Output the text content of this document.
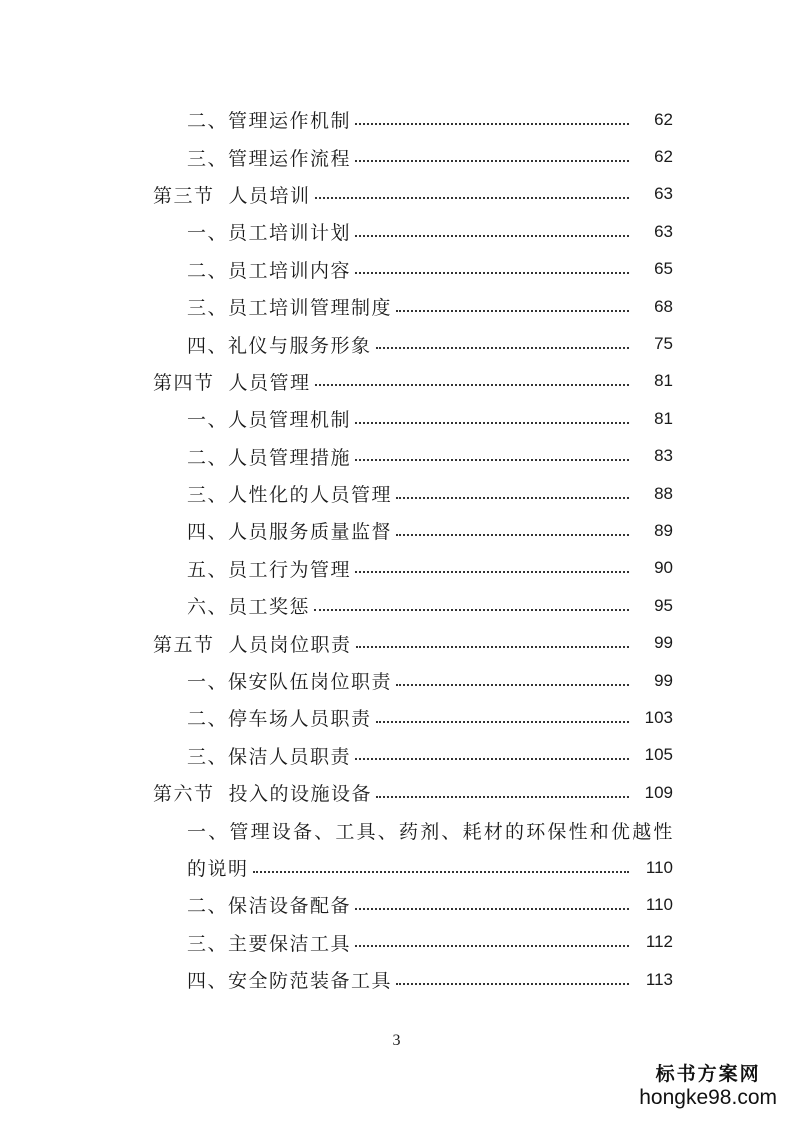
二、管理运作机制	62
三、管理运作流程	62
第三节 人员培训	63
一、员工培训计划	63
二、员工培训内容	65
三、员工培训管理制度	68
四、礼仪与服务形象	75
第四节 人员管理	81
一、人员管理机制	81
二、人员管理措施	83
三、人性化的人员管理	88
四、人员服务质量监督	89
五、员工行为管理	90
六、员工奖惩	95
第五节 人员岗位职责	99
一、保安队伍岗位职责	99
二、停车场人员职责	103
三、保洁人员职责	105
第六节 投入的设施设备	109
一、管理设备、工具、药剂、耗材的环保性和优越性
的说明	110
二、保洁设备配备	110
三、主要保洁工具	112
四、安全防范装备工具	113
3
标书方案网
hongke98.com
